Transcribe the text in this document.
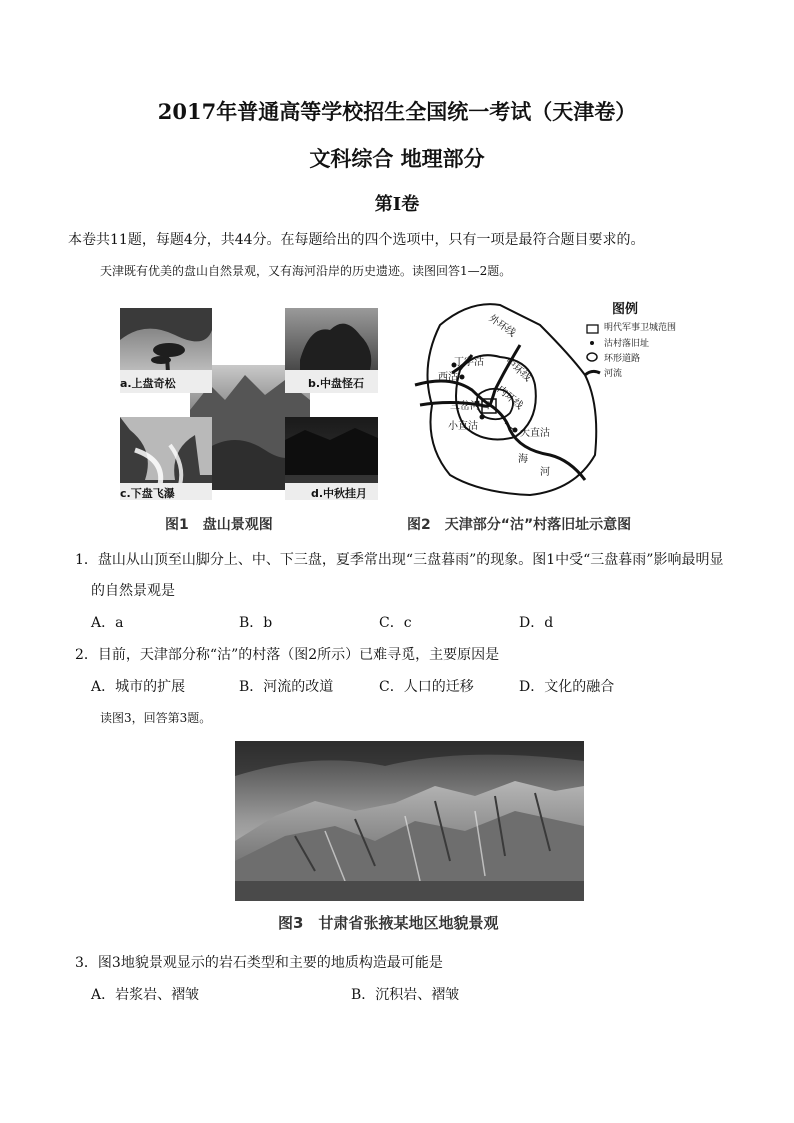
2017年普通高等学校招生全国统一考试（天津卷）
文科综合 地理部分
第Ⅰ卷
本卷共11题，每题4分，共44分。在每题给出的四个选项中，只有一项是最符合题目要求的。
天津既有优美的盘山自然景观，又有海河沿岸的历史遗迹。读图回答1—2题。
a.上盘奇松	b.中盘怪石
c.下盘飞瀑	d.中秋挂月
图例
明代军事卫城范围
沽村落旧址
环形道路
河流
外环线
中环线
内环线
丁字沽
西沽
三岔河口
小直沽
大直沽
海
河
图1　盘山景观图	图2　天津部分“沽”村落旧址示意图
1．盘山从山顶至山脚分上、中、下三盘，夏季常出现“三盘暮雨”的现象。图1中受“三盘暮雨”影响最明显
的自然景观是
A．a	B．b	C．c	D．d
2．目前，天津部分称“沽”的村落（图2所示）已难寻觅，主要原因是
A．城市的扩展	B．河流的改道	C．人口的迁移	D．文化的融合
读图3，回答第3题。
图3　甘肃省张掖某地区地貌景观
3．图3地貌景观显示的岩石类型和主要的地质构造最可能是
A．岩浆岩、褶皱	B．沉积岩、褶皱
